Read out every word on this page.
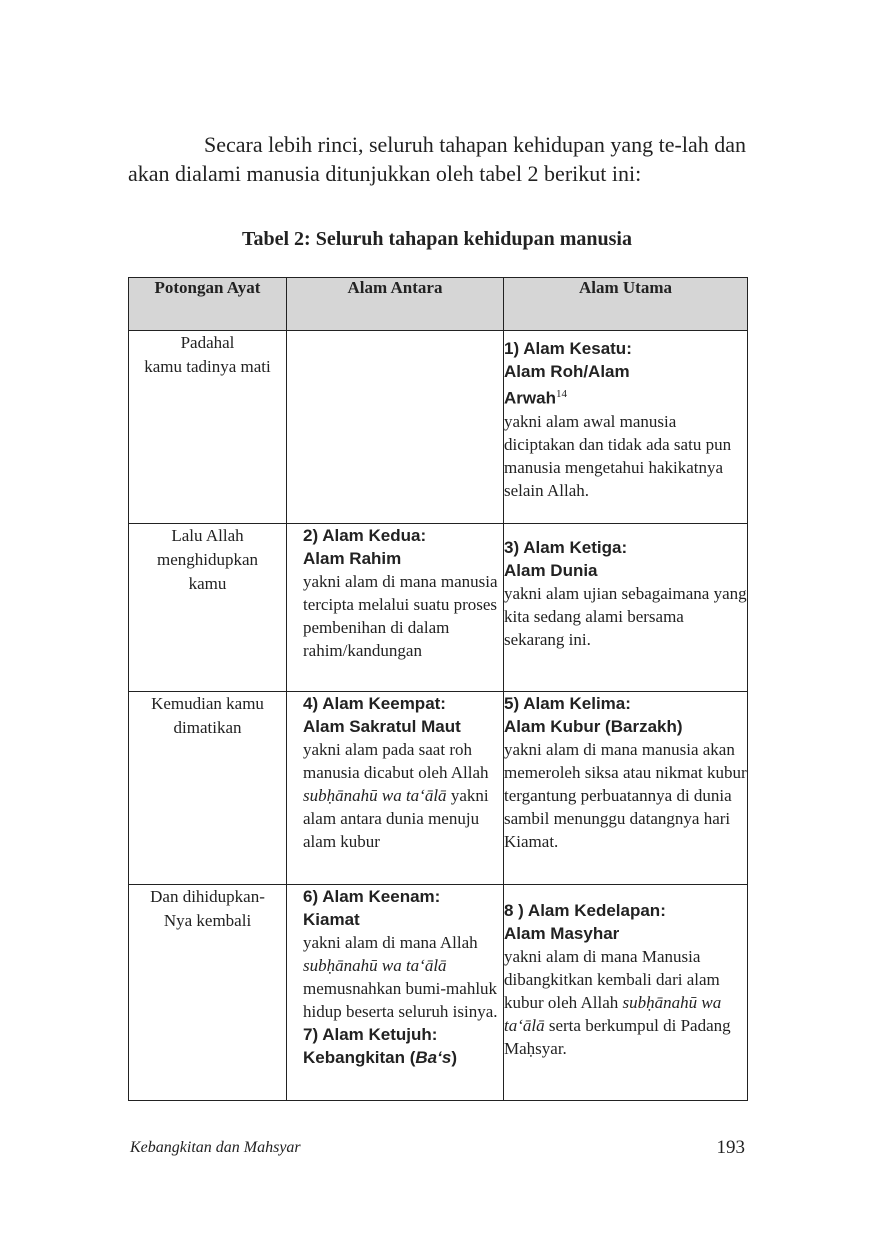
Secara lebih rinci, seluruh tahapan kehidupan yang te-lah dan akan dialami manusia ditunjukkan oleh tabel 2 berikut ini:

Tabel 2: Seluruh tahapan kehidupan manusia

Potongan Ayat	Alam Antara	Alam Utama

Padahal
kamu tadinya mati		1) Alam Kesatu:
Alam Roh/Alam
Arwah$^{14}$
yakni alam awal manusia diciptakan dan tidak ada satu pun manusia mengetahui hakikatnya selain Allah.

Lalu Allah
menghidupkan
kamu	2) Alam Kedua:
Alam Rahim
yakni alam di mana manusia tercipta melalui suatu proses pembenihan di dalam rahim/kandungan	3) Alam Ketiga:
Alam Dunia
yakni alam ujian sebagaimana yang kita sedang alami bersama sekarang ini.

Kemudian kamu
dimatikan	4) Alam Keempat:
Alam Sakratul Maut
yakni alam pada saat roh manusia dicabut oleh Allah subḥānahū wa ta‘ālā yakni alam antara dunia menuju alam kubur	5) Alam Kelima:
Alam Kubur (Barzakh)
yakni alam di mana manusia akan memeroleh siksa atau nikmat kubur tergantung perbuatannya di dunia sambil menunggu datangnya hari Kiamat.

Dan dihidupkan-
Nya kembali	6) Alam Keenam:
Kiamat
yakni alam di mana Allah subḥānahū wa ta‘ālā memusnahkan bumi-mahluk hidup beserta seluruh isinya.
7) Alam Ketujuh:
Kebangkitan (Ba‘s)	8 ) Alam Kedelapan:
Alam Masyhar
yakni alam di mana Manusia dibangkitkan kembali dari alam kubur oleh Allah subḥānahū wa ta‘ālā serta berkumpul di Padang Maḥsyar.
Kebangkitan dan Mahsyar	193
